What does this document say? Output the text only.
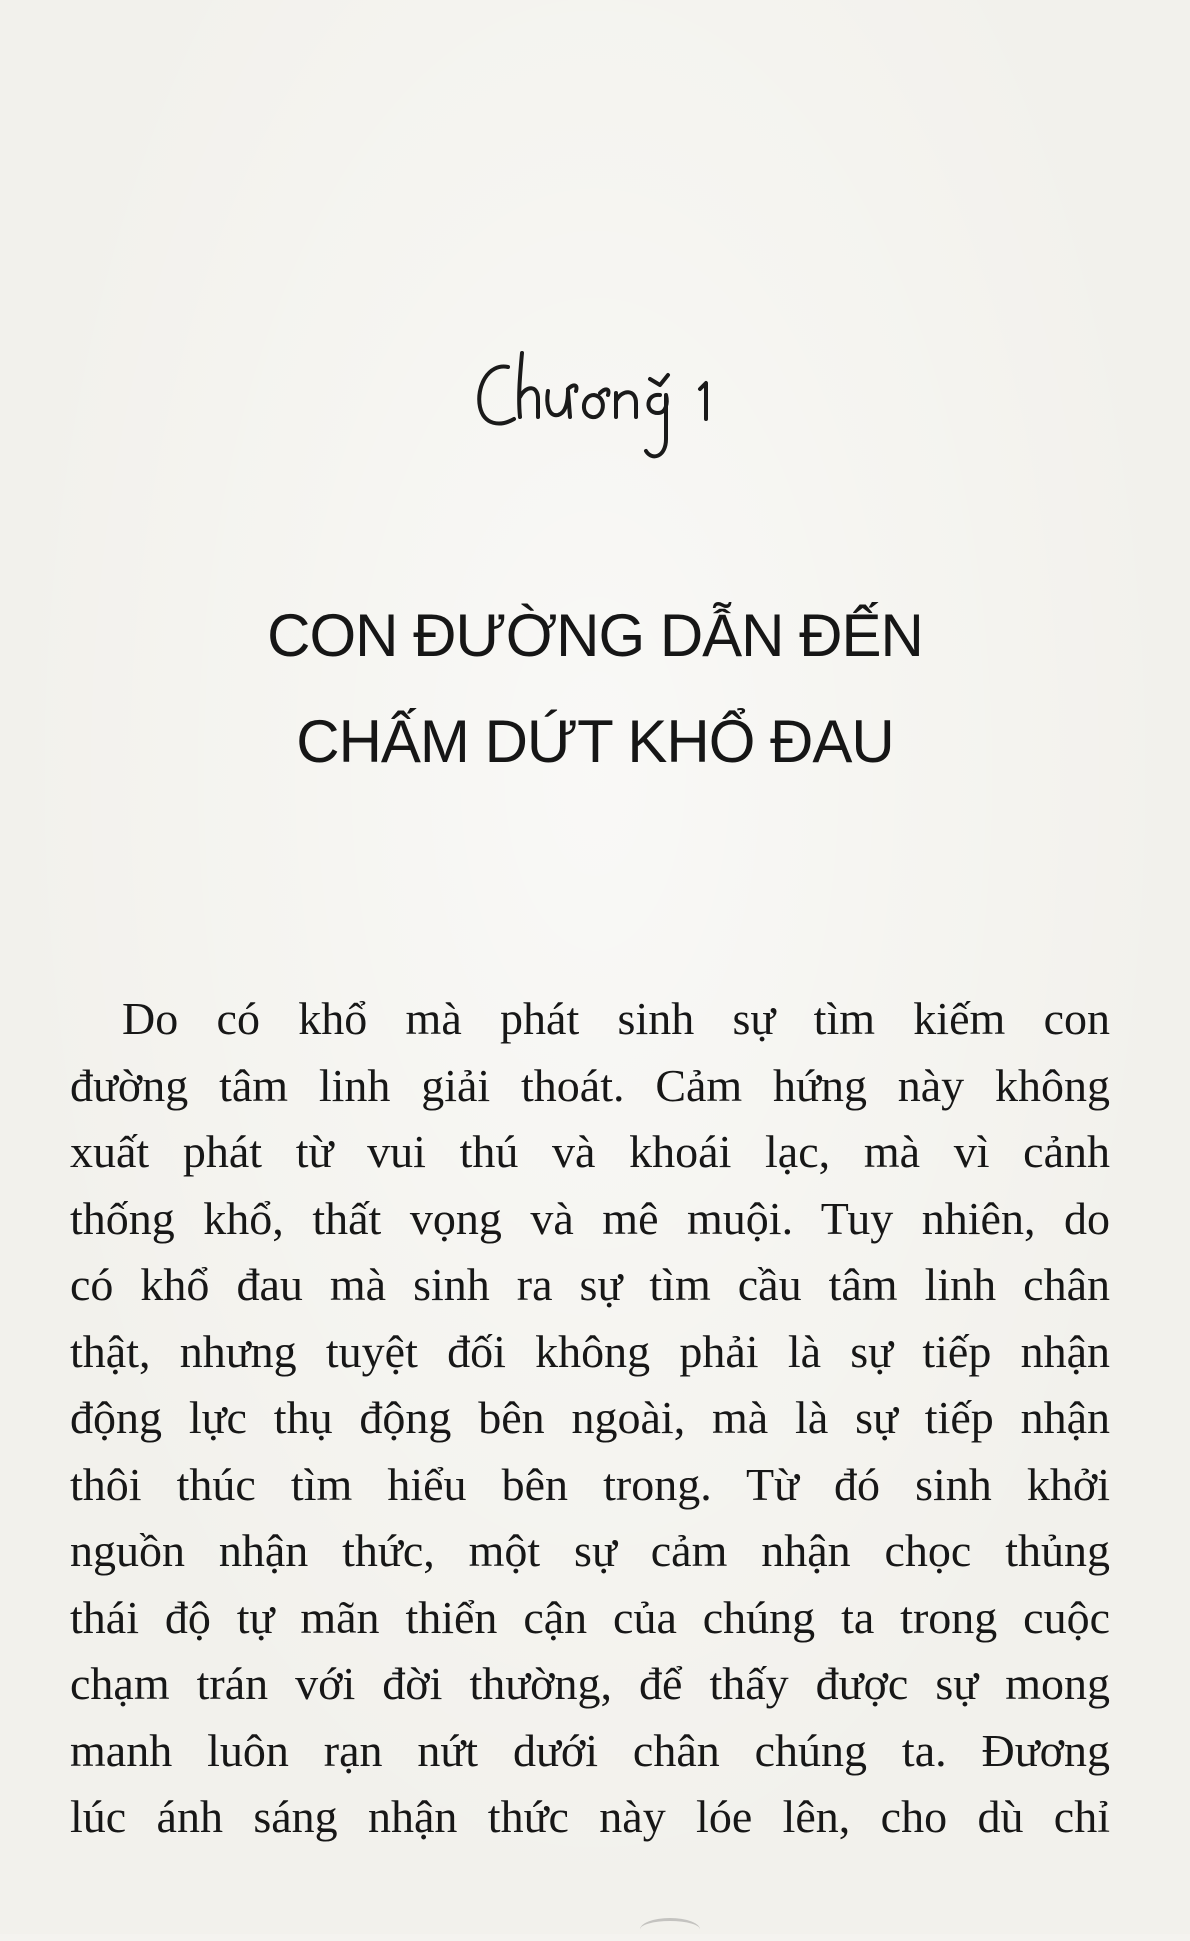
CON ĐƯỜNG DẪN ĐẾN
CHẤM DỨT KHỔ ĐAU
Do có khổ mà phát sinh sự tìm kiếm con
đường tâm linh giải thoát. Cảm hứng này không
xuất phát từ vui thú và khoái lạc, mà vì cảnh
thống khổ, thất vọng và mê muội. Tuy nhiên, do
có khổ đau mà sinh ra sự tìm cầu tâm linh chân
thật, nhưng tuyệt đối không phải là sự tiếp nhận
động lực thụ động bên ngoài, mà là sự tiếp nhận
thôi thúc tìm hiểu bên trong. Từ đó sinh khởi
nguồn nhận thức, một sự cảm nhận chọc thủng
thái độ tự mãn thiển cận của chúng ta trong cuộc
chạm trán với đời thường, để thấy được sự mong
manh luôn rạn nứt dưới chân chúng ta. Đương
lúc ánh sáng nhận thức này lóe lên, cho dù chỉ
